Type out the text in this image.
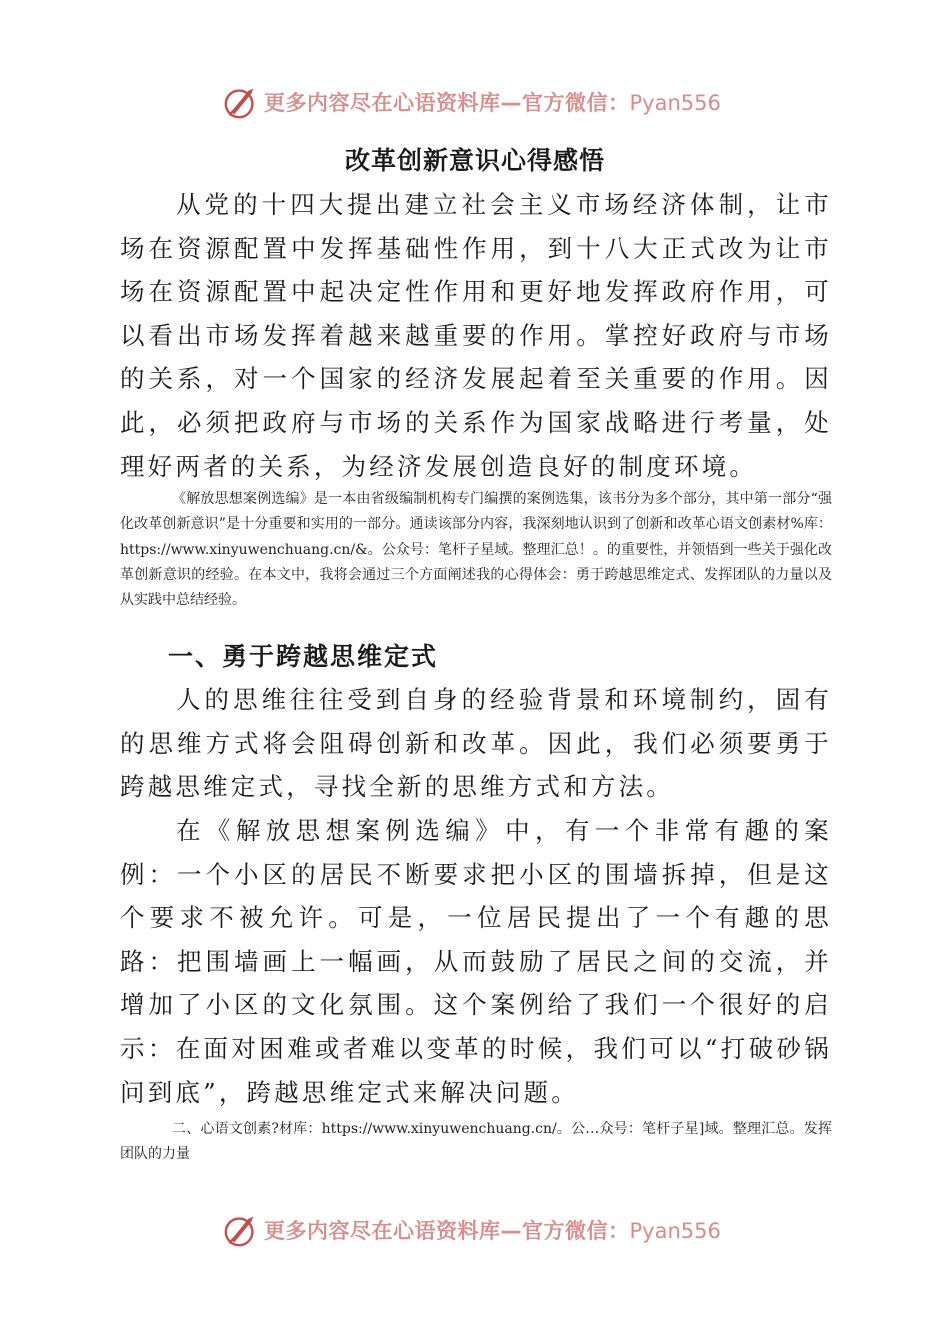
更多内容尽在心语资料库—官方微信：Pyan556
改革创新意识心得感悟

从党的十四大提出建立社会主义市场经济体制，让市场在资源配置中发挥基础性作用，到十八大正式改为让市场在资源配置中起决定性作用和更好地发挥政府作用，可以看出市场发挥着越来越重要的作用。掌控好政府与市场的关系，对一个国家的经济发展起着至关重要的作用。因此，必须把政府与市场的关系作为国家战略进行考量，处理好两者的关系，为经济发展创造良好的制度环境。

《解放思想案例选编》是一本由省级编制机构专门编撰的案例选集，该书分为多个部分，其中第一部分“强化改革创新意识”是十分重要和实用的一部分。通读该部分内容，我深刻地认识到了创新和改革心语文创素材%库：https://www.xinyuwenchuang.cn/&。公众号：笔杆子星域。整理汇总！。的重要性，并领悟到一些关于强化改革创新意识的经验。在本文中，我将会通过三个方面阐述我的心得体会：勇于跨越思维定式、发挥团队的力量以及从实践中总结经验。

一、勇于跨越思维定式

人的思维往往受到自身的经验背景和环境制约，固有的思维方式将会阻碍创新和改革。因此，我们必须要勇于跨越思维定式，寻找全新的思维方式和方法。

在《解放思想案例选编》中，有一个非常有趣的案例：一个小区的居民不断要求把小区的围墙拆掉，但是这个要求不被允许。可是，一位居民提出了一个有趣的思路：把围墙画上一幅画，从而鼓励了居民之间的交流，并增加了小区的文化氛围。这个案例给了我们一个很好的启示：在面对困难或者难以变革的时候，我们可以“打破砂锅问到底”，跨越思维定式来解决问题。

二、心语文创素?材库：https://www.xinyuwenchuang.cn/。公…众号：笔杆子星]域。整理汇总。发挥团队的力量

更多内容尽在心语资料库—官方微信：Pyan556
